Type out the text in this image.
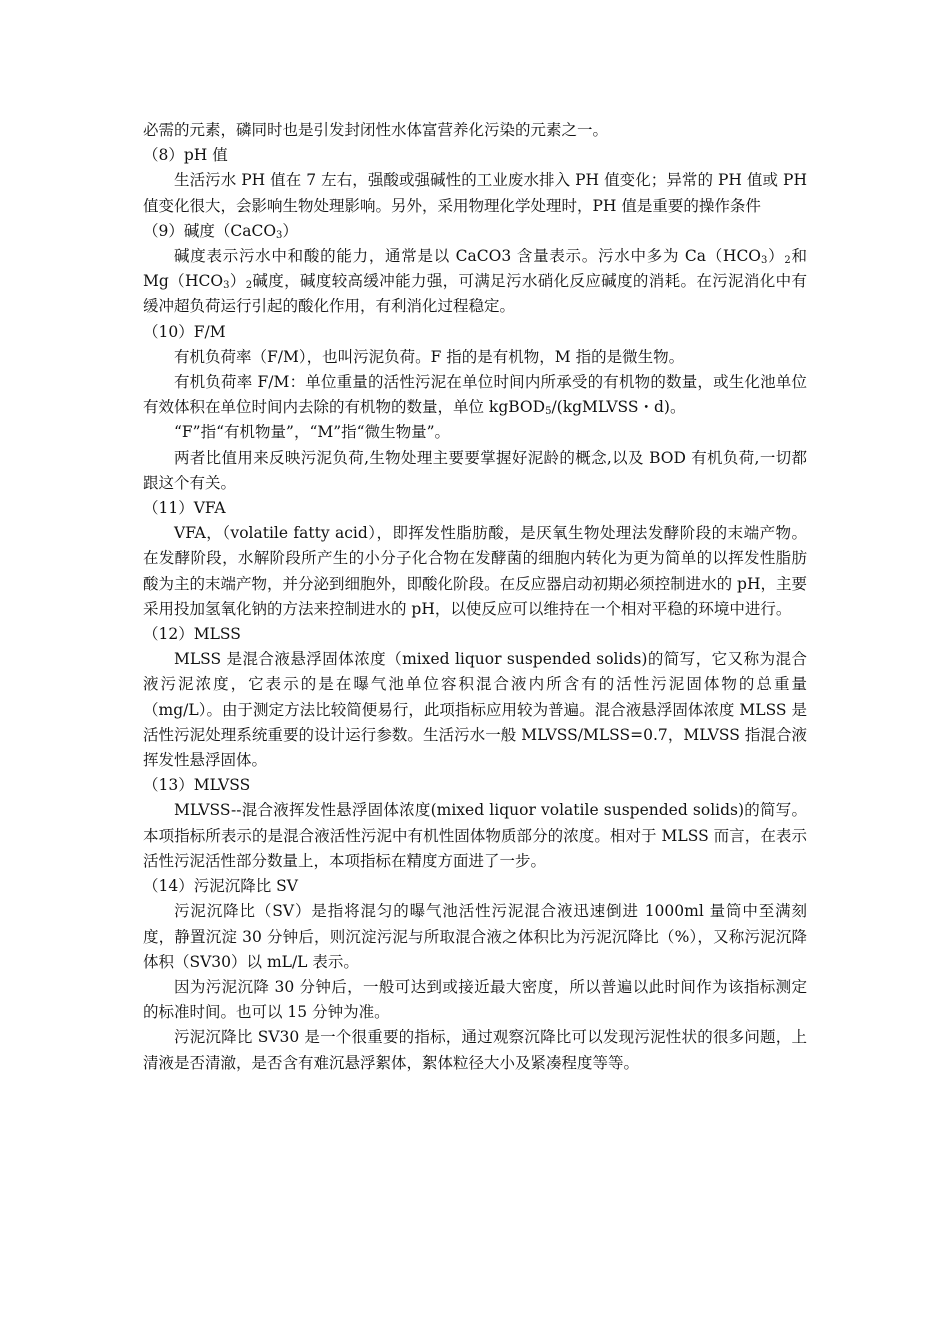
必需的元素，磷同时也是引发封闭性水体富营养化污染的元素之一。

（8）pH 值

生活污水 PH 值在 7 左右，强酸或强碱性的工业废水排入 PH 值变化；异常的 PH 值或 PH 值变化很大，会影响生物处理影响。另外，采用物理化学处理时，PH 值是重要的操作条件

（9）碱度（CaCO$_3$）

碱度表示污水中和酸的能力，通常是以 CaCO3 含量表示。污水中多为 $Ca(HCO_3)_2$和 $Mg(HCO_3)_2$碱度，碱度较高缓冲能力强，可满足污水硝化反应碱度的消耗。在污泥消化中有缓冲超负荷运行引起的酸化作用，有利消化过程稳定。

（10）F/M

有机负荷率（F/M），也叫污泥负荷。F 指的是有机物，M 指的是微生物。

有机负荷率 F/M：单位重量的活性污泥在单位时间内所承受的有机物的数量，或生化池单位有效体积在单位时间内去除的有机物的数量，单位 kgBOD$_5$/(kgMLVSS・d)。

“F”指“有机物量”，“M”指“微生物量”。

两者比值用来反映污泥负荷,生物处理主要要掌握好泥龄的概念,以及 BOD 有机负荷,一切都跟这个有关。

（11）VFA

VFA，（volatile fatty acid），即挥发性脂肪酸，是厌氧生物处理法发酵阶段的末端产物。在发酵阶段，水解阶段所产生的小分子化合物在发酵菌的细胞内转化为更为简单的以挥发性脂肪酸为主的末端产物，并分泌到细胞外，即酸化阶段。在反应器启动初期必须控制进水的 pH，主要采用投加氢氧化钠的方法来控制进水的 pH，以使反应可以维持在一个相对平稳的环境中进行。

（12）MLSS

MLSS 是混合液悬浮固体浓度（mixed liquor suspended solids)的简写，它又称为混合液污泥浓度，它表示的是在曝气池单位容积混合液内所含有的活性污泥固体物的总重量（mg/L）。由于测定方法比较简便易行，此项指标应用较为普遍。混合液悬浮固体浓度 MLSS 是活性污泥处理系统重要的设计运行参数。生活污水一般 MLVSS/MLSS=0.7，MLVSS 指混合液挥发性悬浮固体。

（13）MLVSS

MLVSS--混合液挥发性悬浮固体浓度(mixed liquor volatile suspended solids)的简写。本项指标所表示的是混合液活性污泥中有机性固体物质部分的浓度。相对于 MLSS 而言，在表示活性污泥活性部分数量上，本项指标在精度方面进了一步。

（14）污泥沉降比 SV

污泥沉降比（SV）是指将混匀的曝气池活性污泥混合液迅速倒进 1000ml 量筒中至满刻度，静置沉淀 30 分钟后，则沉淀污泥与所取混合液之体积比为污泥沉降比（%），又称污泥沉降体积（SV30）以 mL/L 表示。

因为污泥沉降 30 分钟后，一般可达到或接近最大密度，所以普遍以此时间作为该指标测定的标准时间。也可以 15 分钟为准。

污泥沉降比 SV30 是一个很重要的指标，通过观察沉降比可以发现污泥性状的很多问题，上清液是否清澈，是否含有难沉悬浮絮体，絮体粒径大小及紧凑程度等等。
